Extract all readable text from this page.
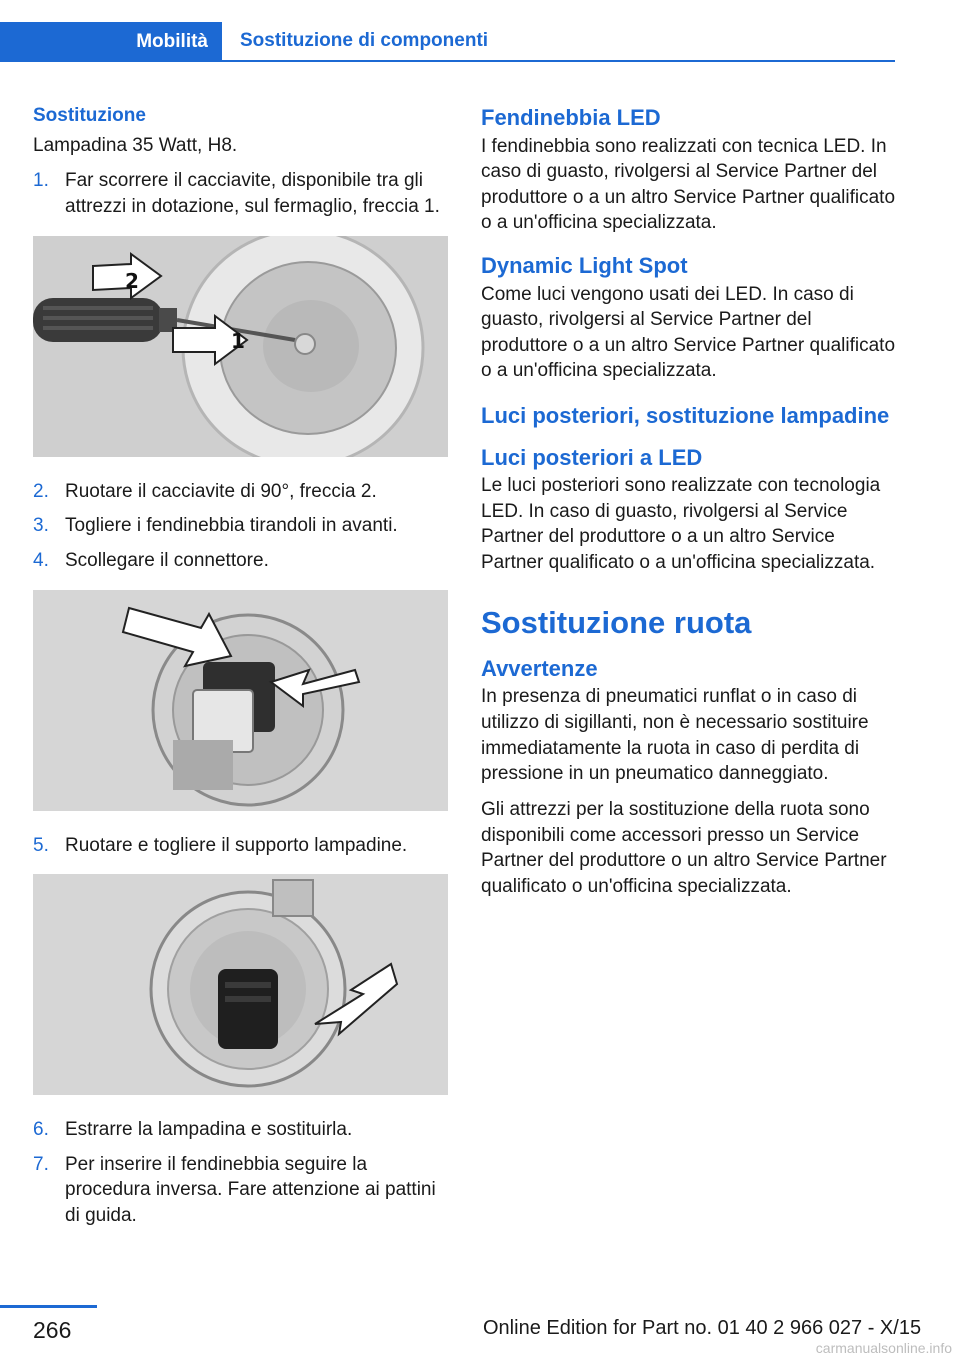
Mobilità Sostituzione di componenti
Sostituzione

Lampadina 35 Watt, H8.

1. Far scorrere il cacciavite, disponibile tra gli attrezzi in dotazione, sul fermaglio, freccia 1.
2
1
2. Ruotare il cacciavite di 90°, freccia 2.
3. Togliere i fendinebbia tirandoli in avanti.
4. Scollegare il connettore.
5. Ruotare e togliere il supporto lampadine.
6. Estrarre la lampadina e sostituirla.
7. Per inserire il fendinebbia seguire la procedura inversa. Fare attenzione ai pattini di guida.
Fendinebbia LED

I fendinebbia sono realizzati con tecnica LED. In caso di guasto, rivolgersi al Service Partner del produttore o a un altro Service Partner qualificato o a un'officina specializzata.

Dynamic Light Spot

Come luci vengono usati dei LED. In caso di guasto, rivolgersi al Service Partner del produttore o a un altro Service Partner qualificato o a un'officina specializzata.

Luci posteriori, sostituzione lampadine
Luci posteriori a LED

Le luci posteriori sono realizzate con tecnologia LED. In caso di guasto, rivolgersi al Service Partner del produttore o a un altro Service Partner qualificato o a un'officina specializzata.

Sostituzione ruota
Avvertenze

In presenza di pneumatici runflat o in caso di utilizzo di sigillanti, non è necessario sostituire immediatamente la ruota in caso di perdita di pressione in un pneumatico danneggiato.

Gli attrezzi per la sostituzione della ruota sono disponibili come accessori presso un Service Partner del produttore o un altro Service Partner qualificato o un'officina specializzata.

266	Online Edition for Part no. 01 40 2 966 027 - X/15
carmanualsonline.info
